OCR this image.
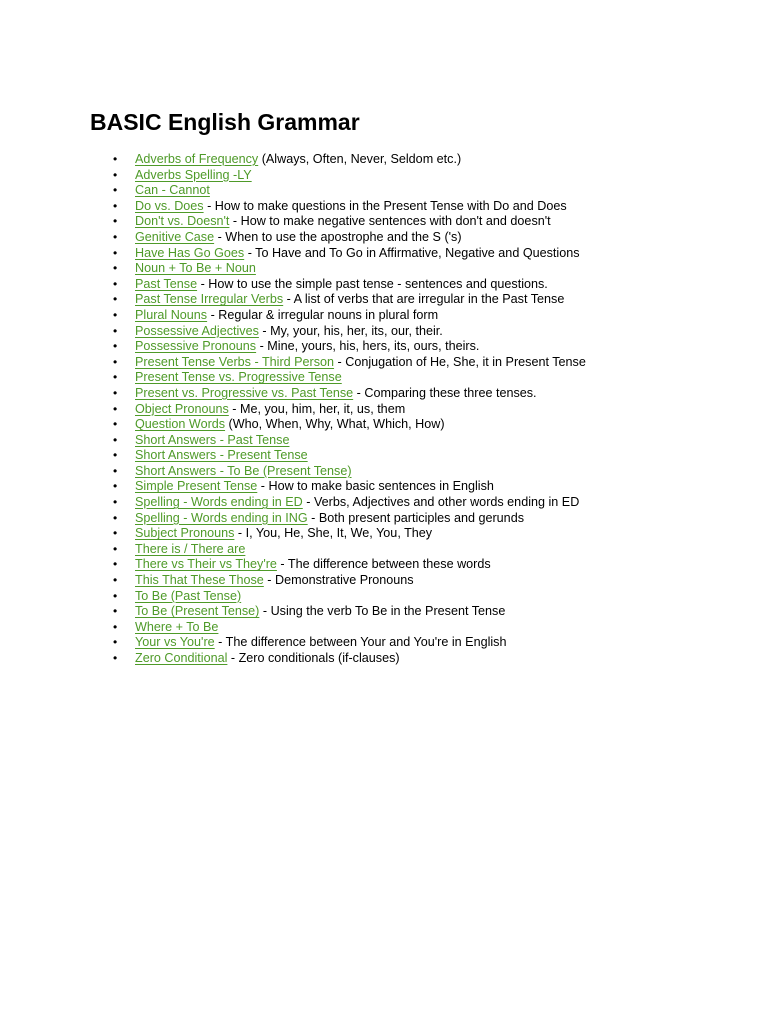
BASIC English Grammar
•	Adverbs of Frequency (Always, Often, Never, Seldom etc.)
•	Adverbs Spelling -LY
•	Can - Cannot
•	Do vs. Does - How to make questions in the Present Tense with Do and Does
•	Don't vs. Doesn't - How to make negative sentences with don't and doesn't
•	Genitive Case - When to use the apostrophe and the S ('s)
•	Have Has Go Goes - To Have and To Go in Affirmative, Negative and Questions
•	Noun + To Be + Noun
•	Past Tense - How to use the simple past tense - sentences and questions.
•	Past Tense Irregular Verbs - A list of verbs that are irregular in the Past Tense
•	Plural Nouns - Regular & irregular nouns in plural form
•	Possessive Adjectives - My, your, his, her, its, our, their.
•	Possessive Pronouns - Mine, yours, his, hers, its, ours, theirs.
•	Present Tense Verbs - Third Person - Conjugation of He, She, it in Present Tense
•	Present Tense vs. Progressive Tense
•	Present vs. Progressive vs. Past Tense - Comparing these three tenses.
•	Object Pronouns - Me, you, him, her, it, us, them
•	Question Words (Who, When, Why, What, Which, How)
•	Short Answers - Past Tense
•	Short Answers - Present Tense
•	Short Answers - To Be (Present Tense)
•	Simple Present Tense - How to make basic sentences in English
•	Spelling - Words ending in ED - Verbs, Adjectives and other words ending in ED
•	Spelling - Words ending in ING - Both present participles and gerunds
•	Subject Pronouns - I, You, He, She, It, We, You, They
•	There is / There are
•	There vs Their vs They're - The difference between these words
•	This That These Those - Demonstrative Pronouns
•	To Be (Past Tense)
•	To Be (Present Tense) - Using the verb To Be in the Present Tense
•	Where + To Be
•	Your vs You're - The difference between Your and You're in English
•	Zero Conditional - Zero conditionals (if-clauses)
